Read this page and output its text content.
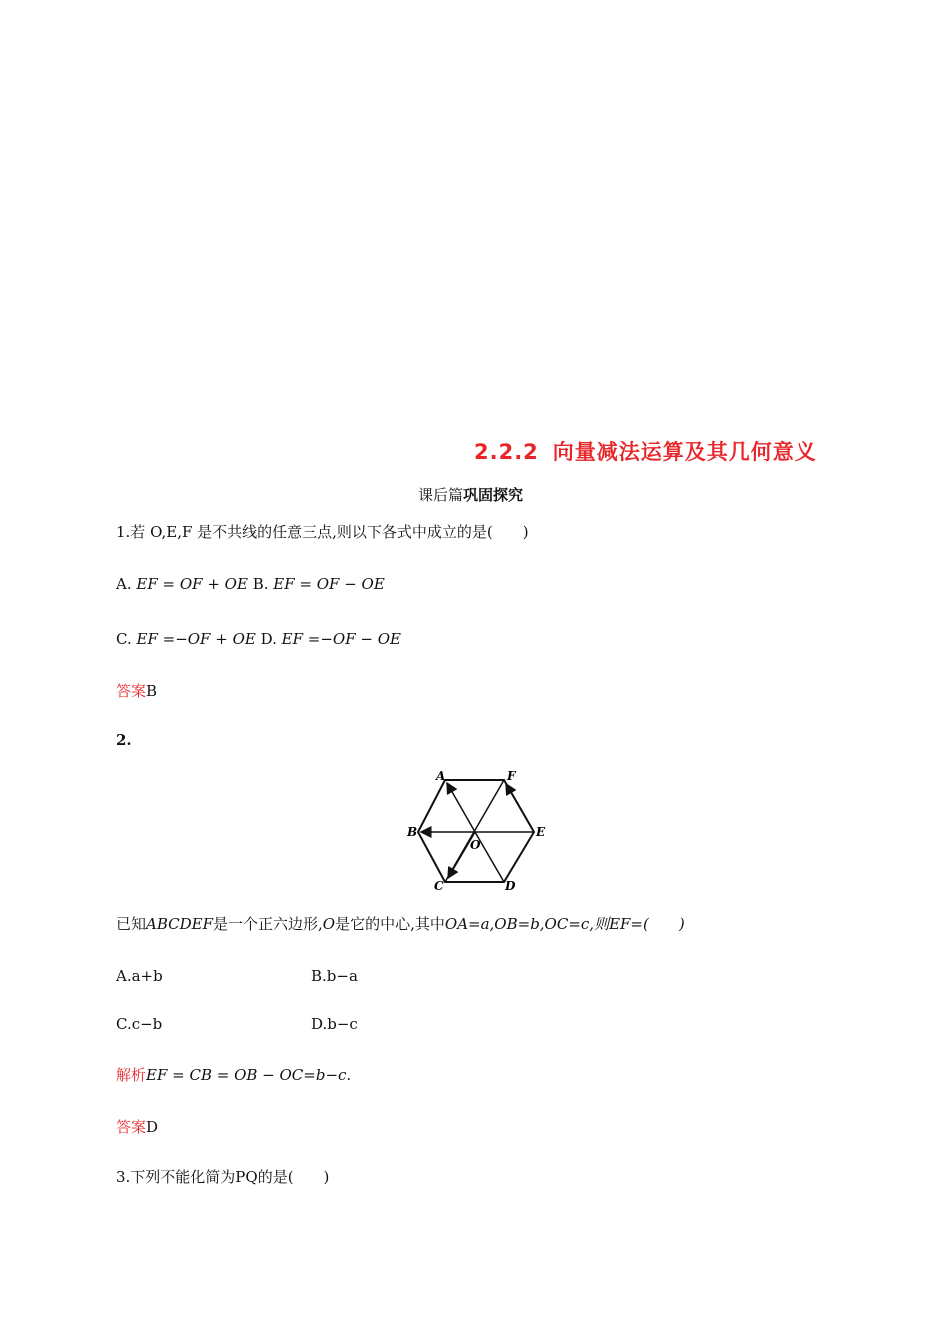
2.2.2 向量减法运算及其几何意义
课后篇巩固探究
1.若 O,E,F 是不共线的任意三点,则以下各式中成立的是(　　)
A. EF = OF + OE B. EF = OF − OE
C. EF =−OF + OE D. EF =−OF − OE
答案B
2.
A	F
B	E
C	D
O
已知ABCDEF是一个正六边形,O是它的中心,其中OA=a,OB=b,OC=c,则EF=(　　)
A.a+b	B.b−a
C.c−b	D.b−c
解析EF = CB = OB − OC=b−c.
答案D
3.下列不能化简为PQ的是(　　)
